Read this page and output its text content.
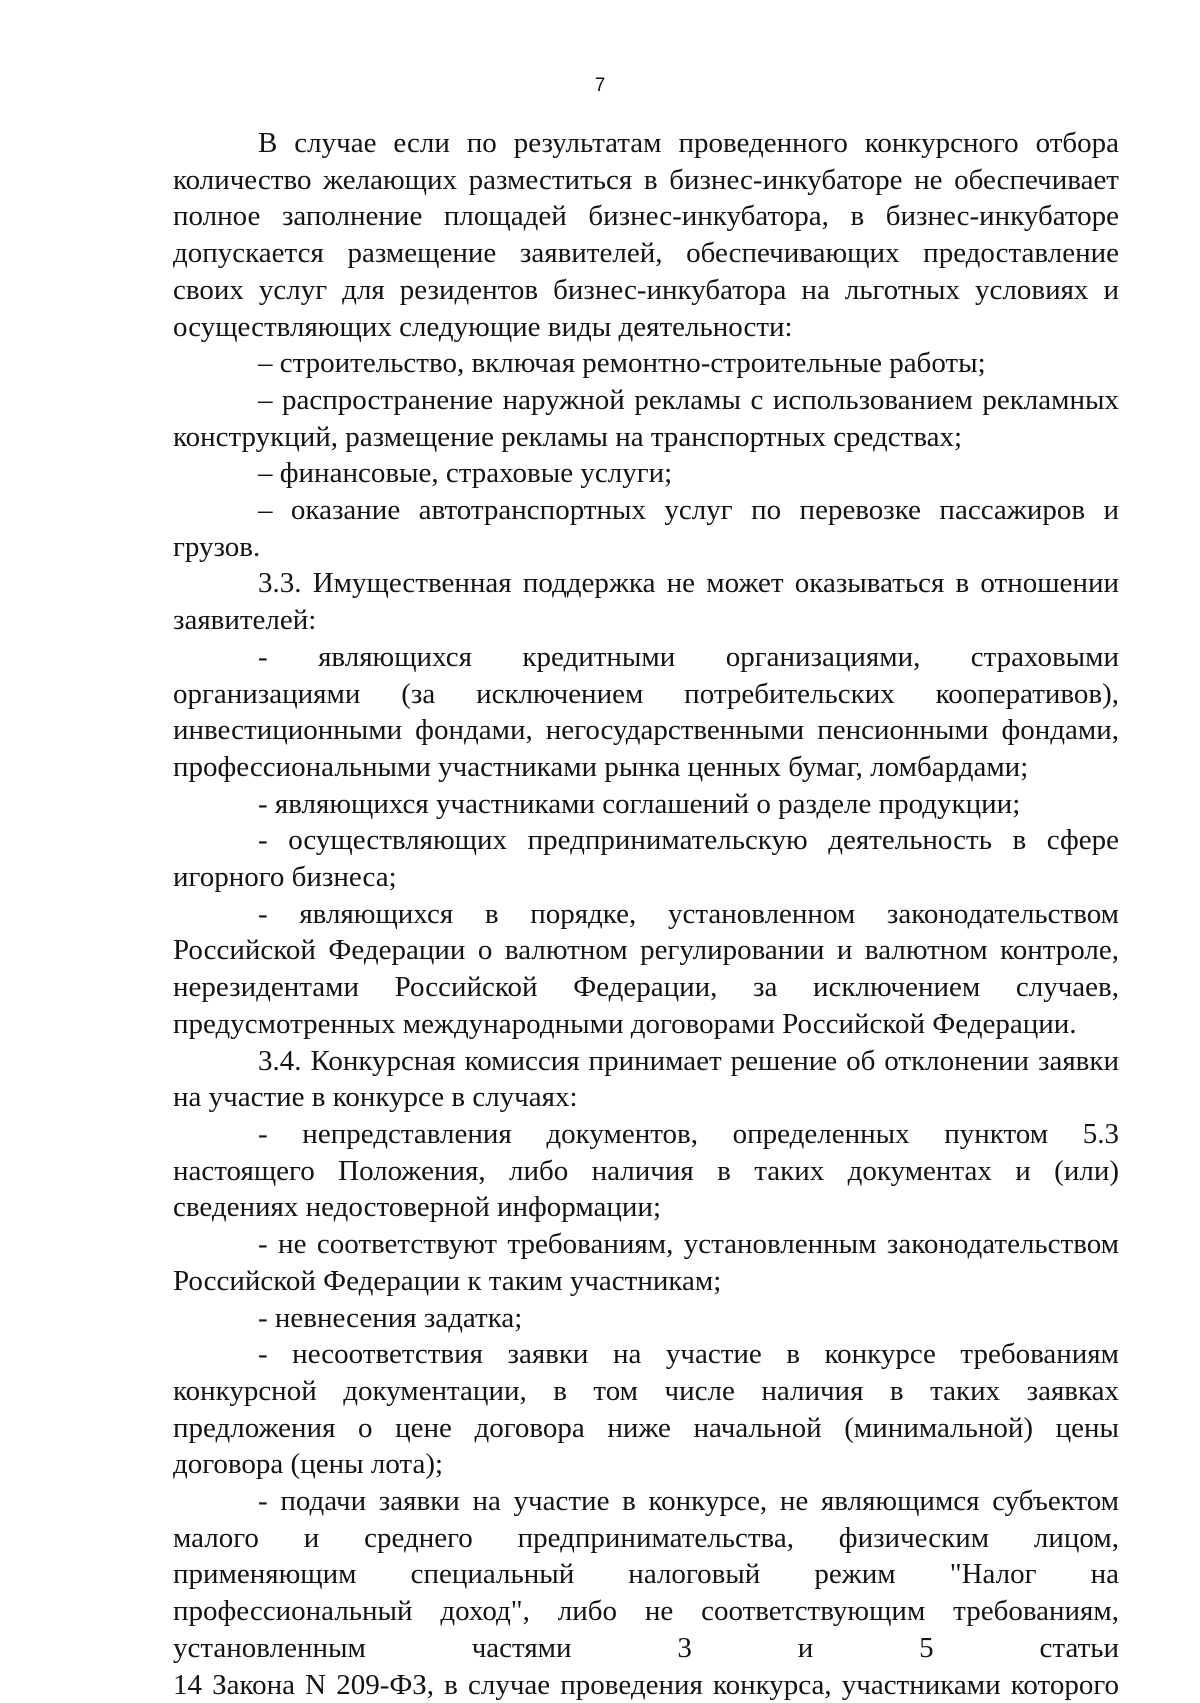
7

В случае если по результатам проведенного конкурсного отбора количество желающих разместиться в бизнес-инкубаторе не обеспечивает полное заполнение площадей бизнес-инкубатора, в бизнес-инкубаторе допускается размещение заявителей, обеспечивающих предоставление своих услуг для резидентов бизнес-инкубатора на льготных условиях и осуществляющих следующие виды деятельности:

– строительство, включая ремонтно-строительные работы;

– распространение наружной рекламы с использованием рекламных конструкций, размещение рекламы на транспортных средствах;

– финансовые, страховые услуги;

– оказание автотранспортных услуг по перевозке пассажиров и грузов.

3.3. Имущественная поддержка не может оказываться в отношении заявителей:

- являющихся кредитными организациями, страховыми организациями (за исключением потребительских кооперативов), инвестиционными фондами, негосударственными пенсионными фондами, профессиональными участниками рынка ценных бумаг, ломбардами;

- являющихся участниками соглашений о разделе продукции;

- осуществляющих предпринимательскую деятельность в сфере игорного бизнеса;

- являющихся в порядке, установленном законодательством Российской Федерации о валютном регулировании и валютном контроле, нерезидентами Российской Федерации, за исключением случаев, предусмотренных международными договорами Российской Федерации.

3.4. Конкурсная комиссия принимает решение об отклонении заявки на участие в конкурсе в случаях:

- непредставления документов, определенных пунктом 5.3 настоящего Положения, либо наличия в таких документах и (или) сведениях недостоверной информации;

- не соответствуют требованиям, установленным законодательством Российской Федерации к таким участникам;

- невнесения задатка;

- несоответствия заявки на участие в конкурсе требованиям конкурсной документации, в том числе наличия в таких заявках предложения о цене договора ниже начальной (минимальной) цены договора (цены лота);

- подачи заявки на участие в конкурсе, не являющимся субъектом малого и среднего предпринимательства, физическим лицом, применяющим специальный налоговый режим "Налог на профессиональный доход", либо не соответствующим требованиям, установленным частями 3 и 5 статьи

14 Закона N 209-ФЗ, в случае проведения конкурса, участниками которого
